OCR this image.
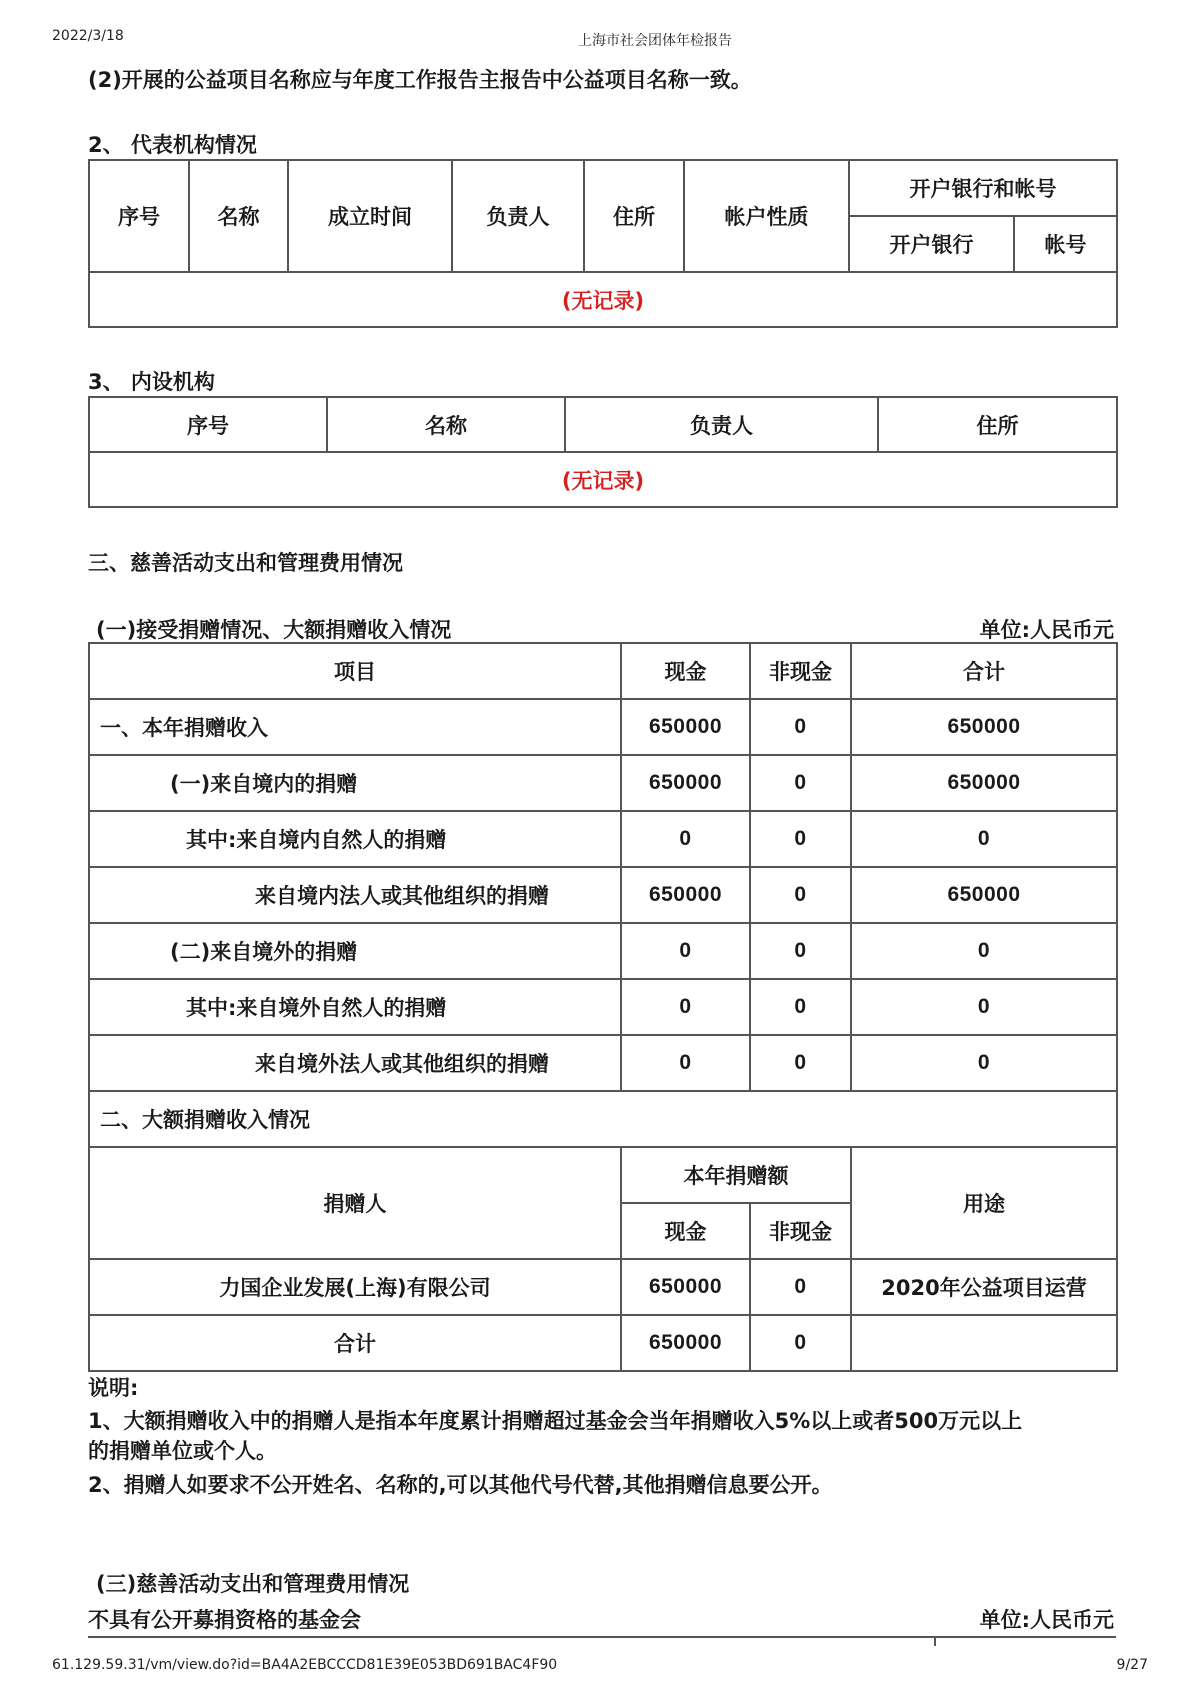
2022/3/18	上海市社会团体年检报告
(2)开展的公益项目名称应与年度工作报告主报告中公益项目名称一致。
2、 代表机构情况
序号	名称	成立时间	负责人	住所	帐户性质	开户银行和帐号	
						开户银行	帐号
(无记录)							
3、 内设机构
序号	名称	负责人	住所
(无记录)
三、慈善活动支出和管理费用情况
(一)接受捐赠情况、大额捐赠收入情况	单位:人民币元
项目	现金	非现金	合计
一、本年捐赠收入	650000	0	650000
(一)来自境内的捐赠	650000	0	650000
其中:来自境内自然人的捐赠	0	0	0
来自境内法人或其他组织的捐赠	650000	0	650000
(二)来自境外的捐赠	0	0	0
其中:来自境外自然人的捐赠	0	0	0
来自境外法人或其他组织的捐赠	0	0	0
二、大额捐赠收入情况			
捐赠人	本年捐赠额		用途
	现金	非现金	
力国企业发展(上海)有限公司	650000	0	2020年公益项目运营
合计	650000	0	
说明:
1、大额捐赠收入中的捐赠人是指本年度累计捐赠超过基金会当年捐赠收入5%以上或者500万元以上
的捐赠单位或个人。
2、捐赠人如要求不公开姓名、名称的,可以其他代号代替,其他捐赠信息要公开。
(三)慈善活动支出和管理费用情况
不具有公开募捐资格的基金会	单位:人民币元
61.129.59.31/vm/view.do?id=BA4A2EBCCCD81E39E053BD691BAC4F90	9/27
